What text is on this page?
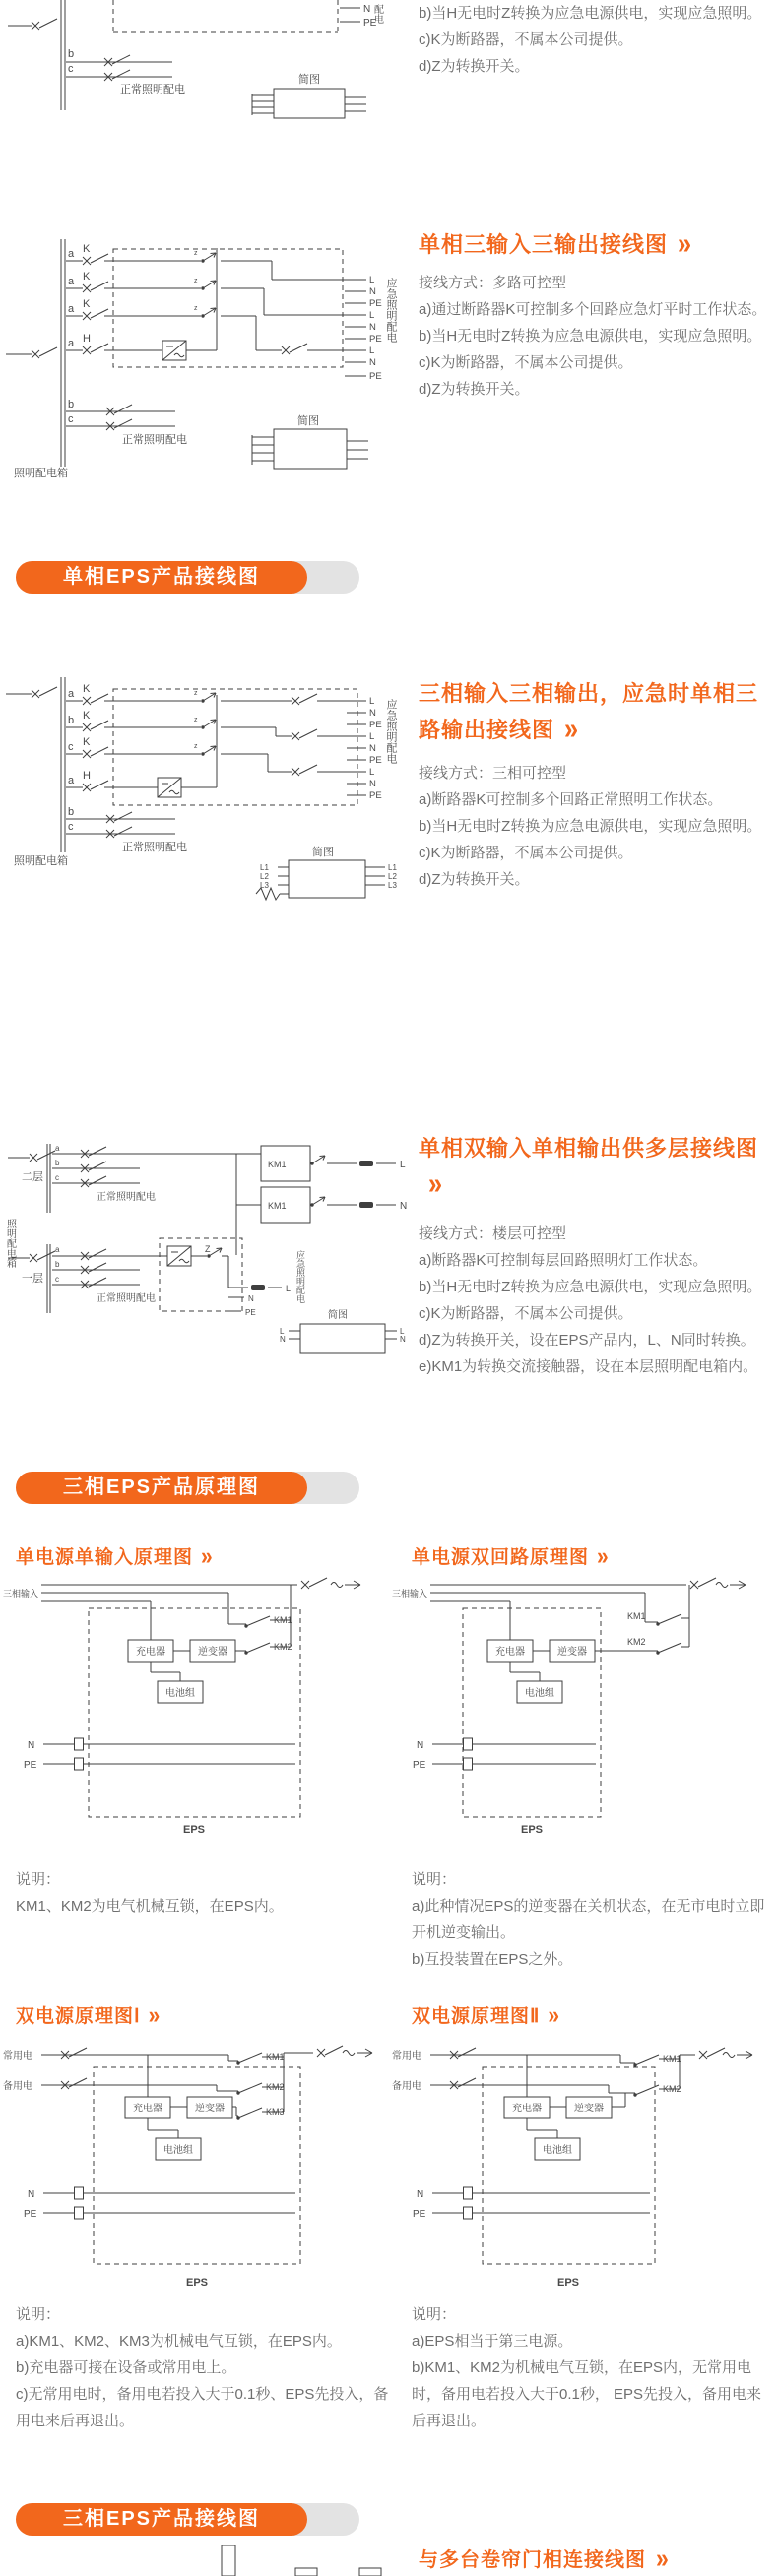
b
c
正常照明配电
N
PE
配电
简图
b)当H无电时Z转换为应急电源供电，实现应急照明。
c)K为断路器，不属本公司提供。
d)Z为转换开关。
a K	z
a K	z
a K	z
a H
L
N
PE
L
N
PE
L
N
PE
应急照明配电
b
c
正常照明配电
照明配电箱
简图
单相三输入三输出接线图 »
接线方式：多路可控型
a)通过断路器K可控制多个回路应急灯平时工作状态。
b)当H无电时Z转换为应急电源供电，实现应急照明。
c)K为断路器，不属本公司提供。
d)Z为转换开关。
单相EPS产品接线图
a K	z
b K	z
c K	z
a H
L
N
PE
L
N
PE
L
N
PE
应急照明配电
b
c
正常照明配电
照明配电箱
简图
L1
L2
L3
L1
L2
L3
三相输入三相输出，应急时单相三路输出接线图 »
接线方式：三相可控型
a)断路器K可控制多个回路正常照明工作状态。
b)当H无电时Z转换为应急电源供电，实现应急照明。
c)K为断路器，不属本公司提供。
d)Z为转换开关。
照明配电箱
二层
a
b
c
正常照明配电
KM1	L
KM1	N
一层
a
b
c
正常照明配电
Z
L
N
PE
应急照明配电
简图
L
N
L
N
单相双输入单相输出供多层接线图»
接线方式：楼层可控型
a)断路器K可控制每层回路照明灯工作状态。
b)当H无电时Z转换为应急电源供电，实现应急照明。
c)K为断路器，不属本公司提供。
d)Z为转换开关，设在EPS产品内，L、N同时转换。
e)KM1为转换交流接触器，设在本层照明配电箱内。
三相EPS产品原理图
单电源单输入原理图 »	单电源双回路原理图 »
三相输入
KM1
KM2
充电器	逆变器
电池组
N
PE
EPS
三相输入
KM1
KM2
充电器	逆变器
电池组
N
PE
EPS
说明：
KM1、KM2为电气机械互锁，在EPS内。
说明：
a)此种情况EPS的逆变器在关机状态，在无市电时立即开机逆变输出。
b)互投装置在EPS之外。
双电源原理图Ⅰ »	双电源原理图Ⅱ »
常用电
备用电
KM1
KM2
KM3
充电器	逆变器
电池组
N
PE
EPS
常用电
备用电
KM1
KM2
充电器	逆变器
电池组
N
PE
EPS
说明：
a)KM1、KM2、KM3为机械电气互锁，在EPS内。
b)充电器可接在设备或常用电上。
c)无常用电时，备用电若投入大于0.1秒、EPS先投入，备用电来后再退出。
说明：
a)EPS相当于第三电源。
b)KM1、KM2为机械电气互锁，在EPS内，无常用电时，备用电若投入大于0.1秒， EPS先投入，备用电来后再退出。
三相EPS产品接线图
与多台卷帘门相连接线图 »
